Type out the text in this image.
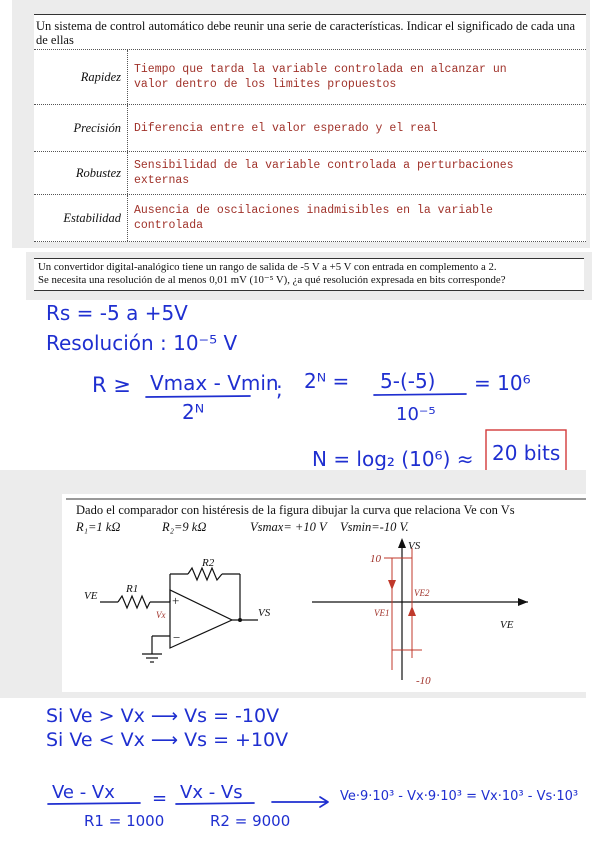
Un sistema de control automático debe reunir una serie de características. Indicar el significado de cada una de ellas
Rapidez	Tiempo que tarda la variable controlada en alcanzar un
valor dentro de los limites propuestos
Precisión	Diferencia entre el valor esperado y el real
Robustez	Sensibilidad de la variable controlada a perturbaciones
externas
Estabilidad	Ausencia de oscilaciones inadmisibles en la variable
controlada
Un convertidor digital-analógico tiene un rango de salida de -5 V a +5 V con entrada en complemento a 2.
Se necesita una resolución de al menos 0,01 mV (10⁻⁵ V), ¿a qué resolución expresada en bits corresponde?
Rs = -5 a +5V
Resolución : 10⁻⁵ V
R ≥ Vmax - Vmin
2ᴺ
; 2ᴺ = 5-(-5)
10⁻⁵
= 10⁶
N = log₂ (10⁶) ≈ 20 bits
Dado el comparador con histéresis de la figura dibujar la curva que relaciona Ve con Vs
R₁=1 kΩ	R₂=9 kΩ	Vsmax= +10 V Vsmin=-10 V.
+
−
R2
R1
VE
Vx	VS
VS
VE
10
-10
VE1
VE2
Si Ve > Vx ⟶ Vs = -10V
Si Ve < Vx ⟶ Vs = +10V
Ve - Vx
R1 = 1000
= Vx - Vs
R2 = 9000
Ve·9·10³ - Vx·9·10³ = Vx·10³ - Vs·10³
